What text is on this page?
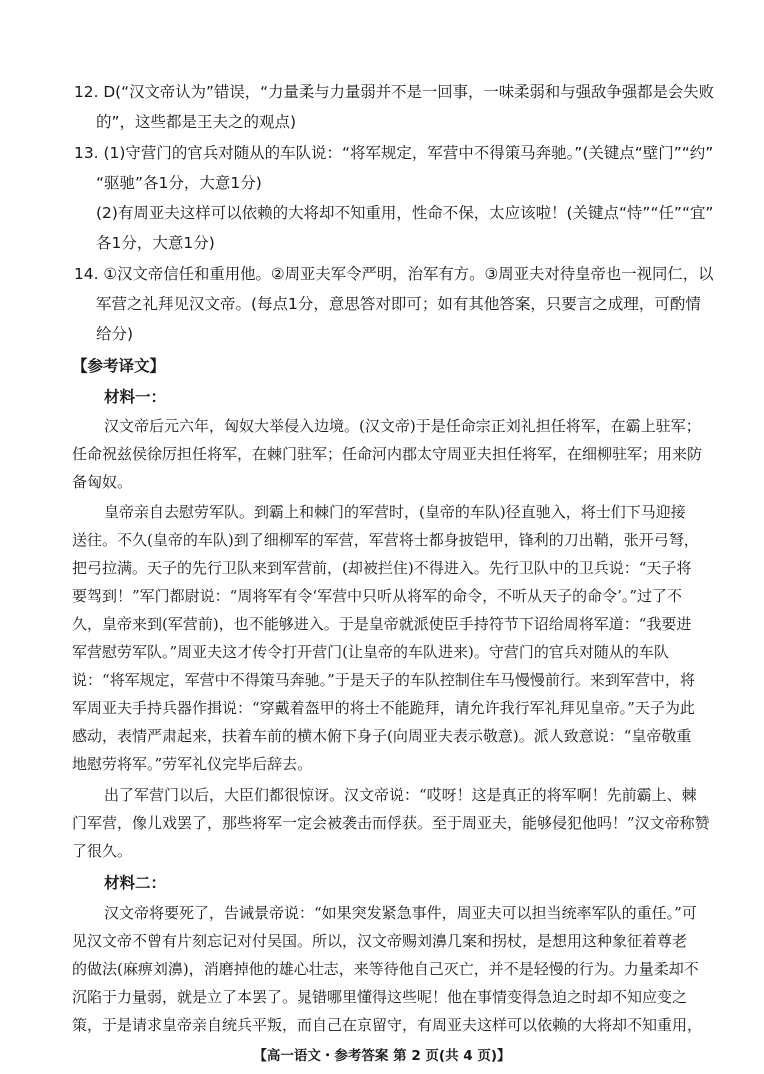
12. D(“汉文帝认为”错误，“力量柔与力量弱并不是一回事，一味柔弱和与强敌争强都是会失败
的”，这些都是王夫之的观点)
13. (1)守营门的官兵对随从的车队说：“将军规定，军营中不得策马奔驰。”(关键点“壁门”“约”
“驱驰”各1分，大意1分)
(2)有周亚夫这样可以依赖的大将却不知重用，性命不保，太应该啦！(关键点“恃”“任”“宜”
各1分，大意1分)
14. ①汉文帝信任和重用他。②周亚夫军令严明，治军有方。③周亚夫对待皇帝也一视同仁，以
军营之礼拜见汉文帝。(每点1分，意思答对即可；如有其他答案，只要言之成理，可酌情
给分)
【参考译文】
材料一：
汉文帝后元六年，匈奴大举侵入边境。(汉文帝)于是任命宗正刘礼担任将军，在霸上驻军；
任命祝兹侯徐厉担任将军，在棘门驻军；任命河内郡太守周亚夫担任将军，在细柳驻军；用来防
备匈奴。
皇帝亲自去慰劳军队。到霸上和棘门的军营时，(皇帝的车队)径直驰入，将士们下马迎接
送往。不久(皇帝的车队)到了细柳军的军营，军营将士都身披铠甲，锋利的刀出鞘，张开弓弩，
把弓拉满。天子的先行卫队来到军营前，(却被拦住)不得进入。先行卫队中的卫兵说：“天子将
要驾到！”军门都尉说：“周将军有令‘军营中只听从将军的命令，不听从天子的命令’。”过了不
久，皇帝来到(军营前)，也不能够进入。于是皇帝就派使臣手持符节下诏给周将军道：“我要进
军营慰劳军队。”周亚夫这才传令打开营门(让皇帝的车队进来)。守营门的官兵对随从的车队
说：“将军规定，军营中不得策马奔驰。”于是天子的车队控制住车马慢慢前行。来到军营中，将
军周亚夫手持兵器作揖说：“穿戴着盔甲的将士不能跪拜，请允许我行军礼拜见皇帝。”天子为此
感动，表情严肃起来，扶着车前的横木俯下身子(向周亚夫表示敬意)。派人致意说：“皇帝敬重
地慰劳将军。”劳军礼仪完毕后辞去。
出了军营门以后，大臣们都很惊讶。汉文帝说：“哎呀！这是真正的将军啊！先前霸上、棘
门军营，像儿戏罢了，那些将军一定会被袭击而俘获。至于周亚夫，能够侵犯他吗！”汉文帝称赞
了很久。
材料二：
汉文帝将要死了，告诫景帝说：“如果突发紧急事件，周亚夫可以担当统率军队的重任。”可
见汉文帝不曾有片刻忘记对付吴国。所以，汉文帝赐刘濞几案和拐杖，是想用这种象征着尊老
的做法(麻痹刘濞)，消磨掉他的雄心壮志，来等待他自己灭亡，并不是轻慢的行为。力量柔却不
沉陷于力量弱，就是立了本罢了。晁错哪里懂得这些呢！他在事情变得急迫之时却不知应变之
策，于是请求皇帝亲自统兵平叛，而自己在京留守，有周亚夫这样可以依赖的大将却不知重用，
【高一语文・参考答案 第 2 页(共 4 页)】
